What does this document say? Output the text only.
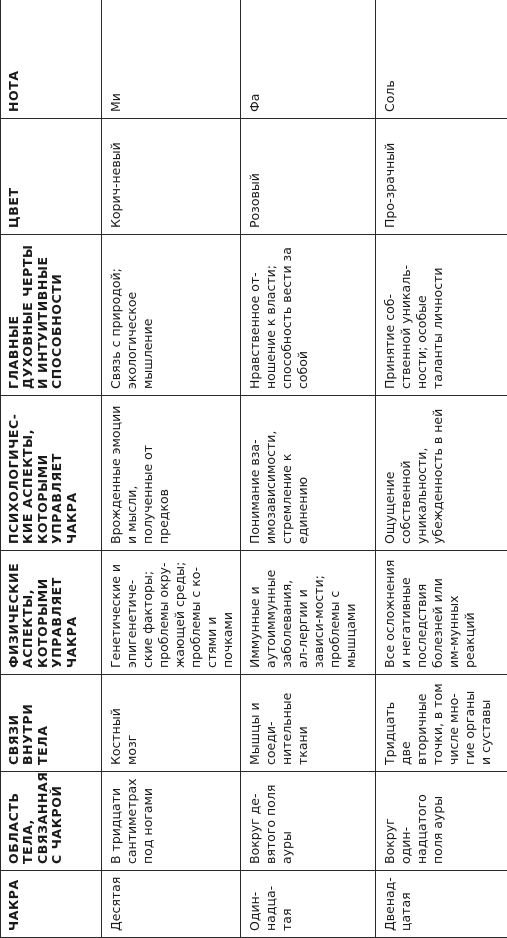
ЧАКРА	ОБЛАСТЬ ТЕЛА, СВЯЗАННАЯ С ЧАКРОЙ	СВЯЗИ ВНУТРИ ТЕЛА	ФИЗИЧЕСКИЕ АСПЕКТЫ, КОТОРЫМИ УПРАВЛЯЕТ ЧАКРА	ПСИХОЛОГИЧЕС-КИЕ АСПЕКТЫ, КОТОРЫМИ УПРАВЛЯЕТ ЧАКРА	ГЛАВНЫЕ ДУХОВНЫЕ ЧЕРТЫ И ИНТУИТИВНЫЕ СПОСОБНОСТИ	ЦВЕТ	НОТА
Десятая	В тридцати сантиметрах под ногами	Костный мозг	Генетические и эпигенетиче-ские факторы; проблемы окру-жающей среды; проблемы с ко-стями и почками	Врожденные эмоции и мысли, полученные от предков	Связь с природой; экологическое мышление	Корич-невый	Ми
Один-надца-тая	Вокруг де-вятого поля ауры	Мышцы и соеди-нительные ткани	Иммунные и аутоиммунные заболевания, ал-лергии и зависи-мости; проблемы с мышцами	Понимание вза-имозависимости, стремление к единению	Нравственное от-ношение к власти; способность вести за собой	Розовый	Фа
Двенад-цатая	Вокруг один-надцатого поля ауры	Тридцать две вторичные точки, в том числе мно-гие органы и суставы	Все осложнения и негативные последствия болезней или им-мунных реакций	Ощущение собственной уникальности, убежденность в ней	Принятие соб-ственной уникаль-ности; особые таланты личности	Про-зрачный	Соль
